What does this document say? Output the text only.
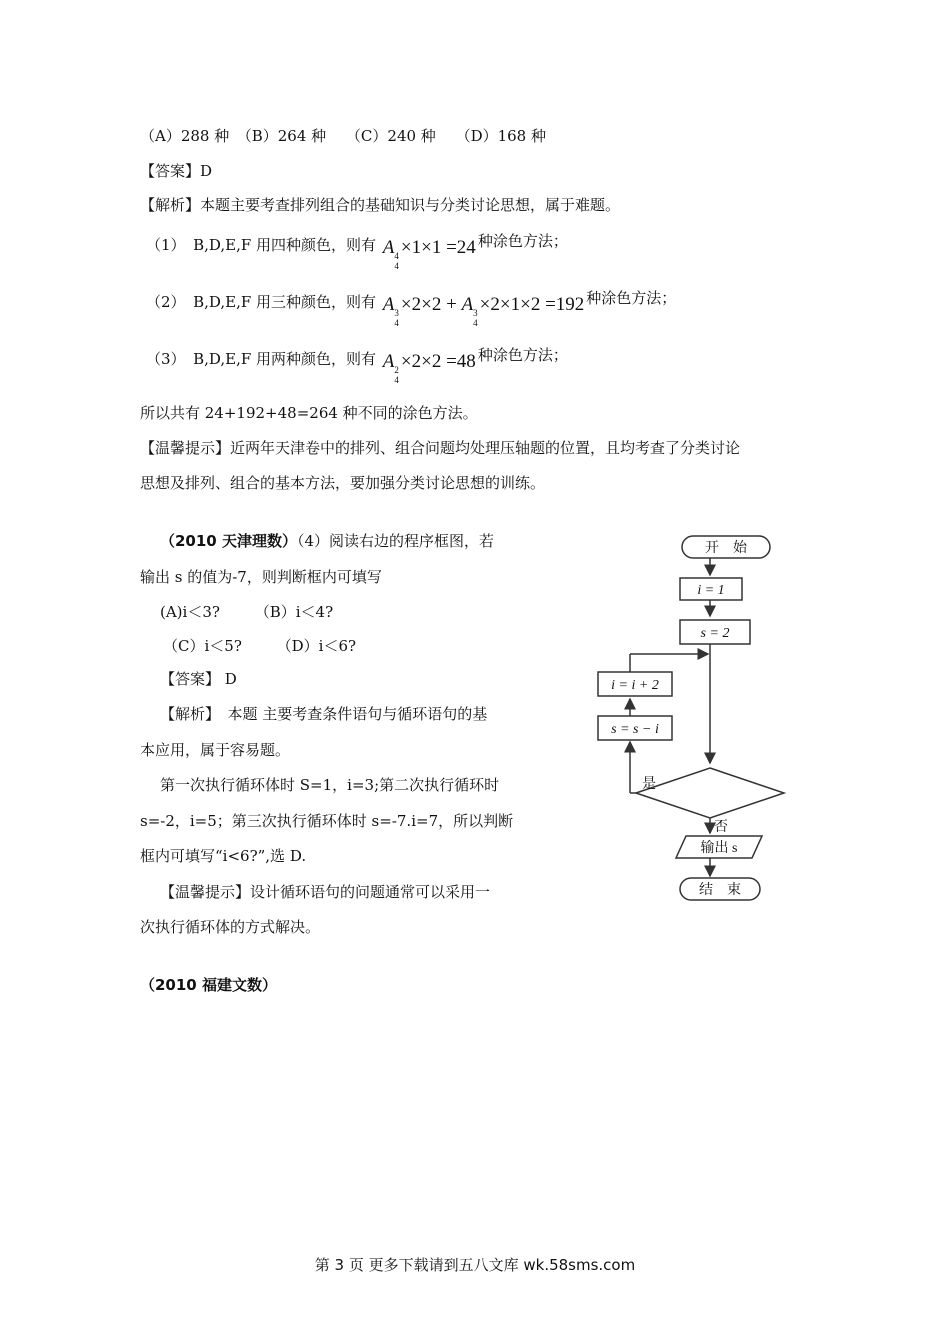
（A）288 种　（B）264 种　 （C）240 种　 （D）168 种
【答案】D
【解析】本题主要考查排列组合的基础知识与分类讨论思想，属于难题。
（1）　 B,D,E,F 用四种颜色，则有 A 4
4
×1×1 =24 种涂色方法；
（2）　 B,D,E,F 用三种颜色，则有 A 3
4
×2×2 + A 3
4
×2×1×2 =192 种涂色方法；
（3）　 B,D,E,F 用两种颜色，则有 A 2
4
×2×2 =48 种涂色方法；
所以共有 24+192+48=264 种不同的涂色方法。
【温馨提示】近两年天津卷中的排列、组合问题均处理压轴题的位置，且均考查了分类讨论
思想及排列、组合的基本方法，要加强分类讨论思想的训练。
（2010 天津理数）（4）阅读右边的程序框图，若
输出 s 的值为-7，则判断框内可填写
(A)i＜3?　　 （B）i＜4?
（C）i＜5?　　 （D）i＜6?
【答案】 D
【解析】　本题 主要考查条件语句与循环语句的基
本应用，属于容易题。
第一次执行循环体时 S=1，i=3;第二次执行循环时
s=-2，i=5；第三次执行循环体时 s=-7.i=7，所以判断
框内可填写“i<6?”,选 D.
【温馨提示】设计循环语句的问题通常可以采用一
次执行循环体的方式解决。
开　始
i = 1
s = 2
i = i + 2
s = s − i
是
否
输出 s
结　束
（2010 福建文数）
第 3 页 更多下载请到五八文库 wk.58sms.com
